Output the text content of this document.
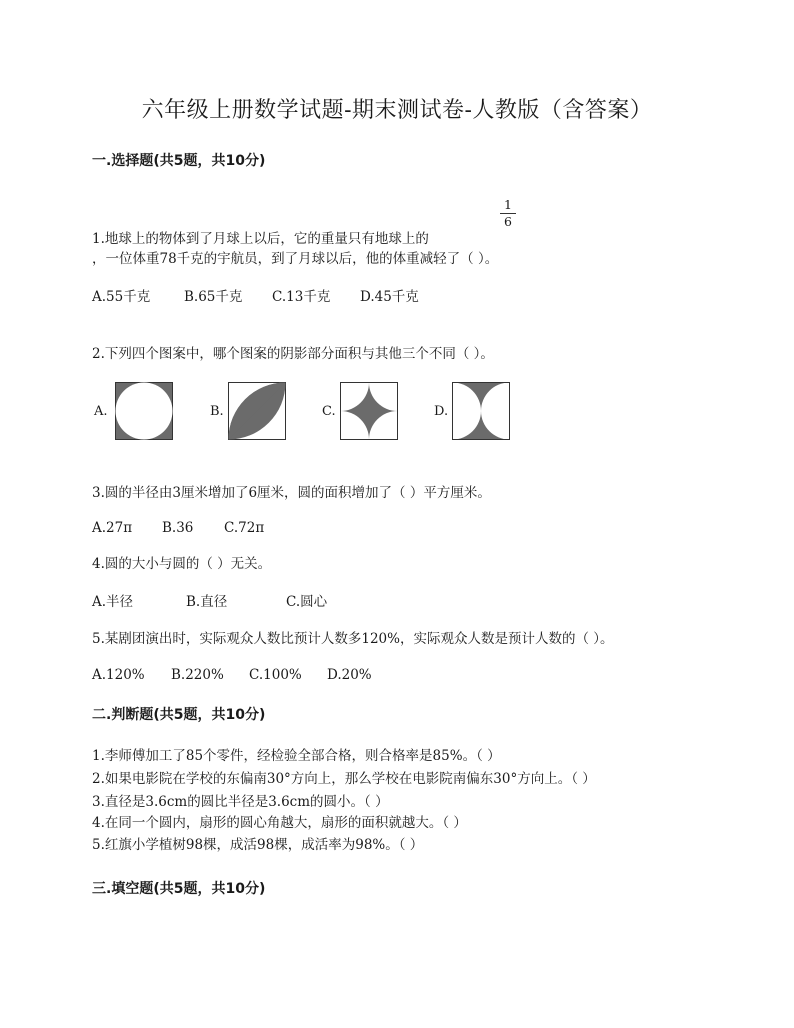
六年级上册数学试题-期末测试卷-人教版（含答案）
一.选择题(共5题，共10分)
1
6
1.地球上的物体到了月球上以后，它的重量只有地球上的
，一位体重78千克的宇航员，到了月球以后，他的体重减轻了（ ）。
A.55千克	B.65千克 C.13千克 D.45千克
2.下列四个图案中，哪个图案的阴影部分面积与其他三个不同（ ）。
A.	B.	C.	D.
3.圆的半径由3厘米增加了6厘米，圆的面积增加了（ ）平方厘米。
A.27π B.36 C.72π
4.圆的大小与圆的（ ）无关。
A.半径	B.直径	C.圆心
5.某剧团演出时，实际观众人数比预计人数多120%，实际观众人数是预计人数的（ ）。
A.120% B.220% C.100% D.20%
二.判断题(共5题，共10分)
1.李师傅加工了85个零件，经检验全部合格，则合格率是85%。（ ）
2.如果电影院在学校的东偏南30°方向上，那么学校在电影院南偏东30°方向上。（ ）
3.直径是3.6cm的圆比半径是3.6cm的圆小。（ ）
4.在同一个圆内，扇形的圆心角越大，扇形的面积就越大。（ ）
5.红旗小学植树98棵，成活98棵，成活率为98%。（ ）
三.填空题(共5题，共10分)
